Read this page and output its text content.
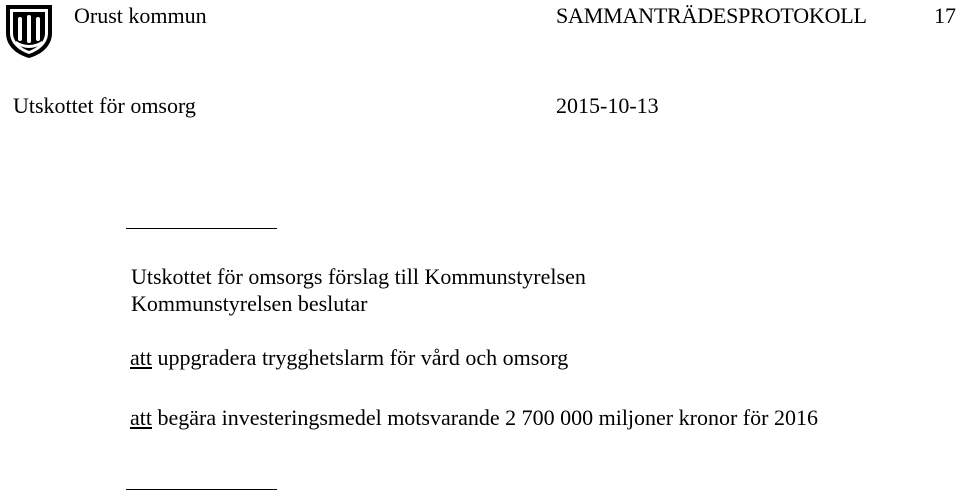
Orust kommun	SAMMANTRÄDESPROTOKOLL	17
Utskottet för omsorg	2015-10-13
Utskottet för omsorgs förslag till Kommunstyrelsen
Kommunstyrelsen beslutar
att uppgradera trygghetslarm för vård och omsorg
att begära investeringsmedel motsvarande 2 700 000 miljoner kronor för 2016
